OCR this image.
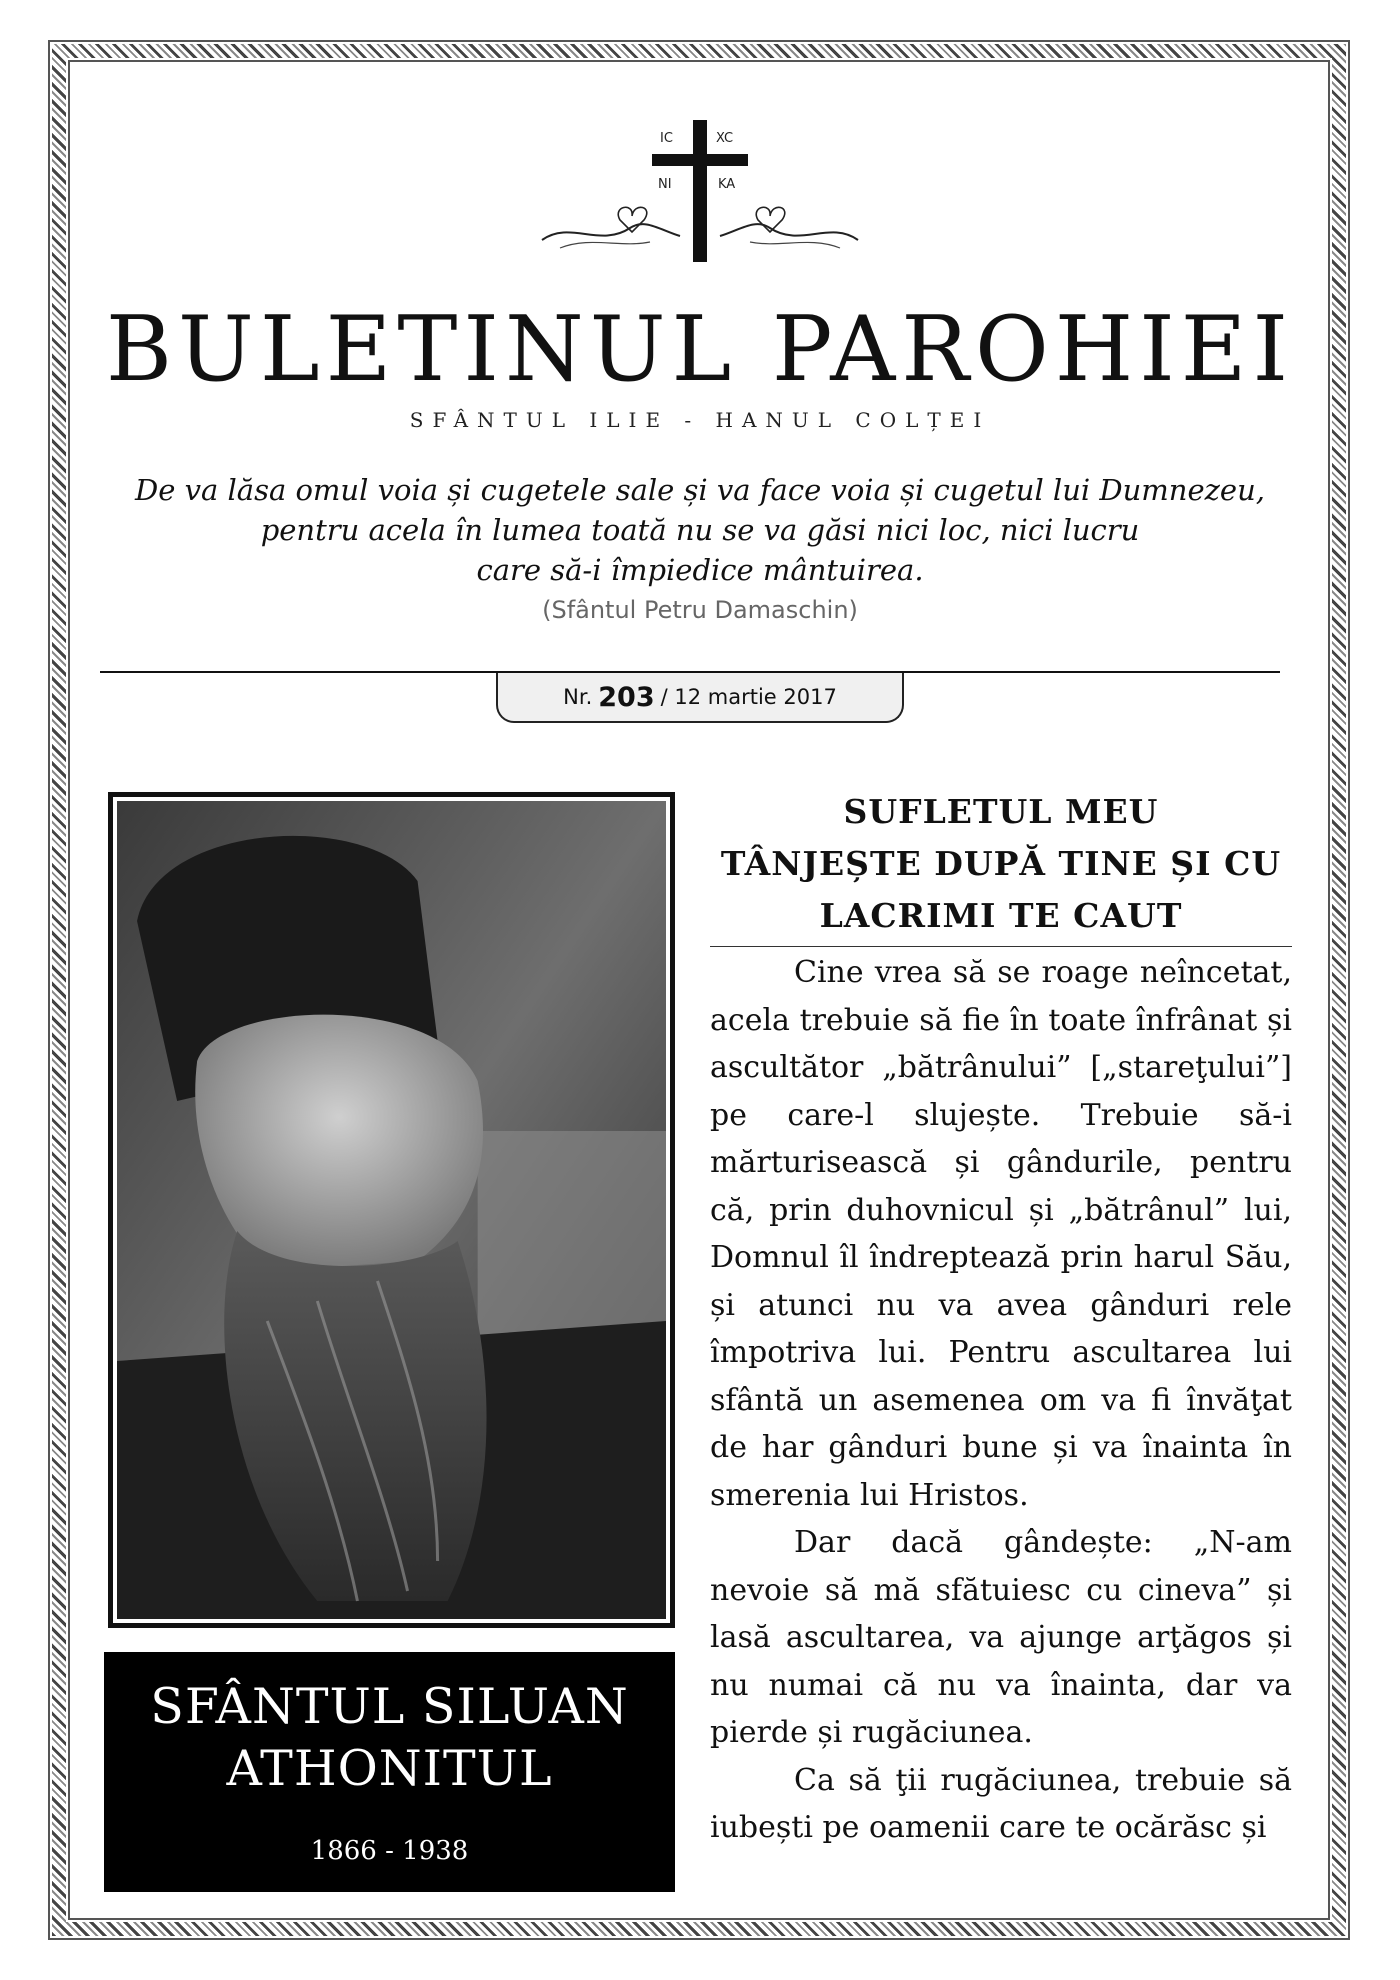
IC	XC
NI	KA
BULETINUL PAROHIEI
SFÂNTUL ILIE - HANUL COLȚEI
De va lăsa omul voia și cugetele sale și va face voia și cugetul lui Dumnezeu,
pentru acela în lumea toată nu se va găsi nici loc, nici lucru
care să-i împiedice mântuirea.
(Sfântul Petru Damaschin)
Nr. 203 / 12 martie 2017
SFÂNTUL SILUAN
ATHONITUL
1866 - 1938
SUFLETUL MEU
TÂNJEȘTE DUPĂ TINE ȘI CU
LACRIMI TE CAUT

Cine vrea să se roage neîncetat, acela trebuie să fie în toate înfrânat și ascultător „bătrânului” [„stareţului”] pe care-l slujește. Trebuie să-i mărturisească și gândurile, pentru că, prin duhovnicul și „bătrânul” lui, Domnul îl îndreptează prin harul Său, și atunci nu va avea gânduri rele împotriva lui. Pentru ascultarea lui sfântă un asemenea om va fi învăţat de har gânduri bune și va înainta în smerenia lui Hristos.

Dar dacă gândește: „N-am nevoie să mă sfătuiesc cu cineva” și lasă ascultarea, va ajunge arţăgos și nu numai că nu va înainta, dar va pierde și rugăciunea.

Ca să ţii rugăciunea, trebuie să iubești pe oamenii care te ocărăsc și
